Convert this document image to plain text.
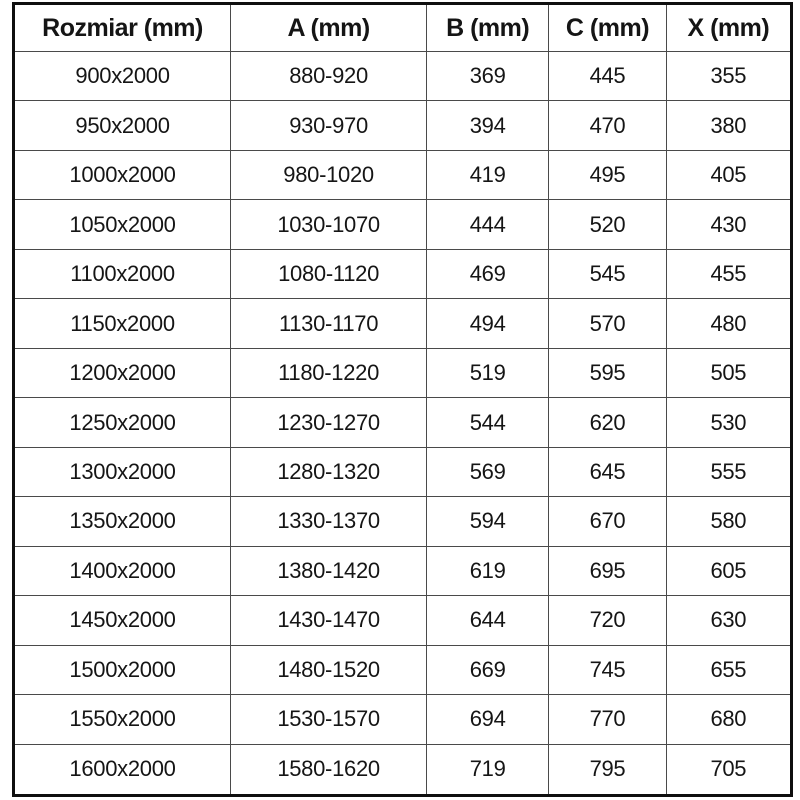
Rozmiar (mm)	A (mm)	B (mm)	C (mm)	X (mm)
900x2000	880-920	369	445	355
950x2000	930-970	394	470	380
1000x2000	980-1020	419	495	405
1050x2000	1030-1070	444	520	430
1100x2000	1080-1120	469	545	455
1150x2000	1130-1170	494	570	480
1200x2000	1180-1220	519	595	505
1250x2000	1230-1270	544	620	530
1300x2000	1280-1320	569	645	555
1350x2000	1330-1370	594	670	580
1400x2000	1380-1420	619	695	605
1450x2000	1430-1470	644	720	630
1500x2000	1480-1520	669	745	655
1550x2000	1530-1570	694	770	680
1600x2000	1580-1620	719	795	705
